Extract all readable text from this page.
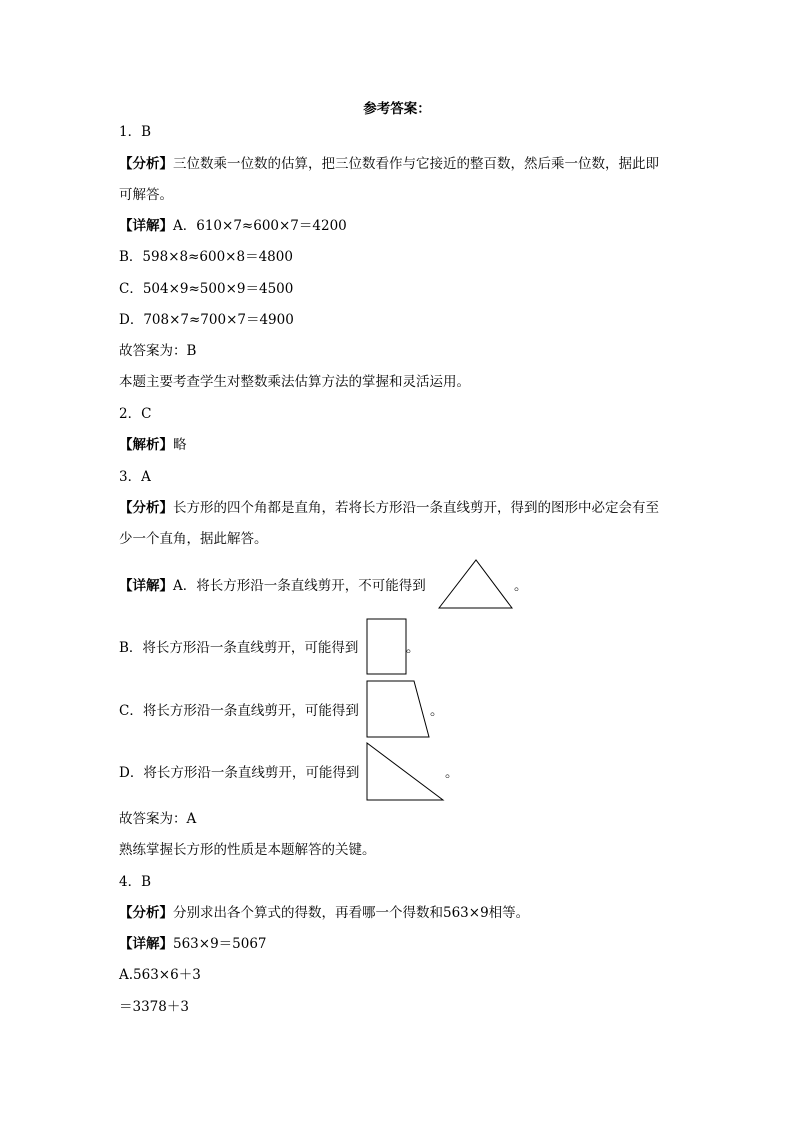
参考答案：
1．B
【分析】三位数乘一位数的估算，把三位数看作与它接近的整百数，然后乘一位数，据此即
可解答。
【详解】A．610×7≈600×7＝4200
B．598×8≈600×8＝4800
C．504×9≈500×9＝4500
D．708×7≈700×7＝4900
故答案为：B
本题主要考查学生对整数乘法估算方法的掌握和灵活运用。
2．C
【解析】略
3．A
【分析】长方形的四个角都是直角，若将长方形沿一条直线剪开，得到的图形中必定会有至
少一个直角，据此解答。
【详解】A．将长方形沿一条直线剪开，不可能得到	。
B．将长方形沿一条直线剪开，可能得到	。
C．将长方形沿一条直线剪开，可能得到	。
D．将长方形沿一条直线剪开，可能得到	。
故答案为：A
熟练掌握长方形的性质是本题解答的关键。
4．B
【分析】分别求出各个算式的得数，再看哪一个得数和563×9相等。
【详解】563×9＝5067
A.563×6＋3
＝3378＋3
